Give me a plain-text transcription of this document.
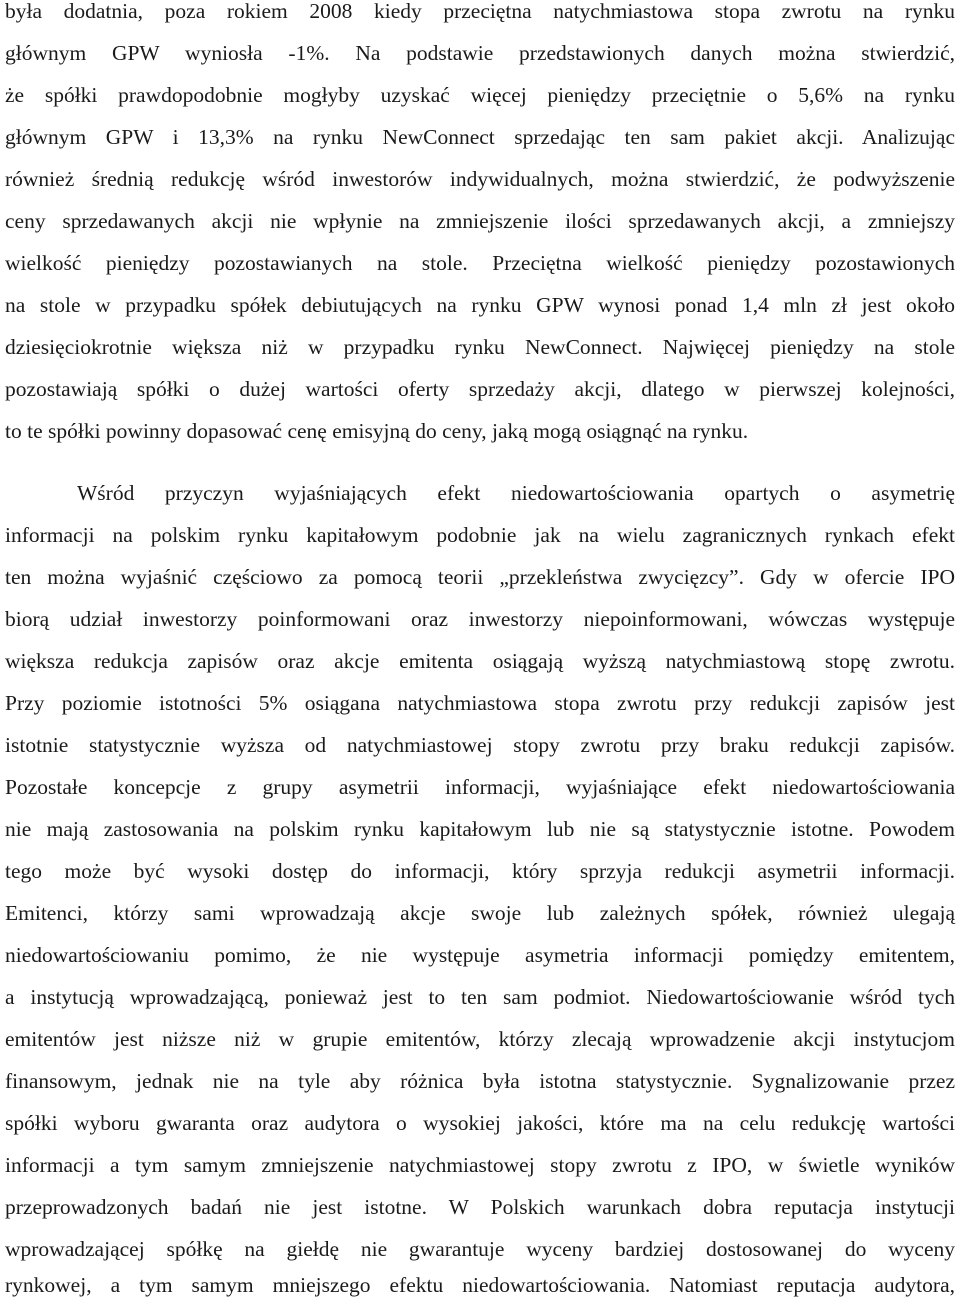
była dodatnia, poza rokiem 2008 kiedy przeciętna natychmiastowa stopa zwrotu na rynku
głównym GPW wyniosła -1%. Na podstawie przedstawionych danych można stwierdzić,
że spółki prawdopodobnie mogłyby uzyskać więcej pieniędzy przeciętnie o 5,6% na rynku
głównym GPW i 13,3% na rynku NewConnect sprzedając ten sam pakiet akcji. Analizując
również średnią redukcję wśród inwestorów indywidualnych, można stwierdzić, że podwyższenie
ceny sprzedawanych akcji nie wpłynie na zmniejszenie ilości sprzedawanych akcji, a zmniejszy
wielkość pieniędzy pozostawianych na stole. Przeciętna wielkość pieniędzy pozostawionych
na stole w przypadku spółek debiutujących na rynku GPW wynosi ponad 1,4 mln zł jest około
dziesięciokrotnie większa niż w przypadku rynku NewConnect. Najwięcej pieniędzy na stole
pozostawiają spółki o dużej wartości oferty sprzedaży akcji, dlatego w pierwszej kolejności,
to te spółki powinny dopasować cenę emisyjną do ceny, jaką mogą osiągnąć na rynku.
Wśród przyczyn wyjaśniających efekt niedowartościowania opartych o asymetrię
informacji na polskim rynku kapitałowym podobnie jak na wielu zagranicznych rynkach efekt
ten można wyjaśnić częściowo za pomocą teorii „przekleństwa zwycięzcy”. Gdy w ofercie IPO
biorą udział inwestorzy poinformowani oraz inwestorzy niepoinformowani, wówczas występuje
większa redukcja zapisów oraz akcje emitenta osiągają wyższą natychmiastową stopę zwrotu.
Przy poziomie istotności 5% osiągana natychmiastowa stopa zwrotu przy redukcji zapisów jest
istotnie statystycznie wyższa od natychmiastowej stopy zwrotu przy braku redukcji zapisów.
Pozostałe koncepcje z grupy asymetrii informacji, wyjaśniające efekt niedowartościowania
nie mają zastosowania na polskim rynku kapitałowym lub nie są statystycznie istotne. Powodem
tego może być wysoki dostęp do informacji, który sprzyja redukcji asymetrii informacji.
Emitenci, którzy sami wprowadzają akcje swoje lub zależnych spółek, również ulegają
niedowartościowaniu pomimo, że nie występuje asymetria informacji pomiędzy emitentem,
a instytucją wprowadzającą, ponieważ jest to ten sam podmiot. Niedowartościowanie wśród tych
emitentów jest niższe niż w grupie emitentów, którzy zlecają wprowadzenie akcji instytucjom
finansowym, jednak nie na tyle aby różnica była istotna statystycznie. Sygnalizowanie przez
spółki wyboru gwaranta oraz audytora o wysokiej jakości, które ma na celu redukcję wartości
informacji a tym samym zmniejszenie natychmiastowej stopy zwrotu z IPO, w świetle wyników
przeprowadzonych badań nie jest istotne. W Polskich warunkach dobra reputacja instytucji
wprowadzającej spółkę na giełdę nie gwarantuje wyceny bardziej dostosowanej do wyceny
rynkowej, a tym samym mniejszego efektu niedowartościowania. Natomiast reputacja audytora,
